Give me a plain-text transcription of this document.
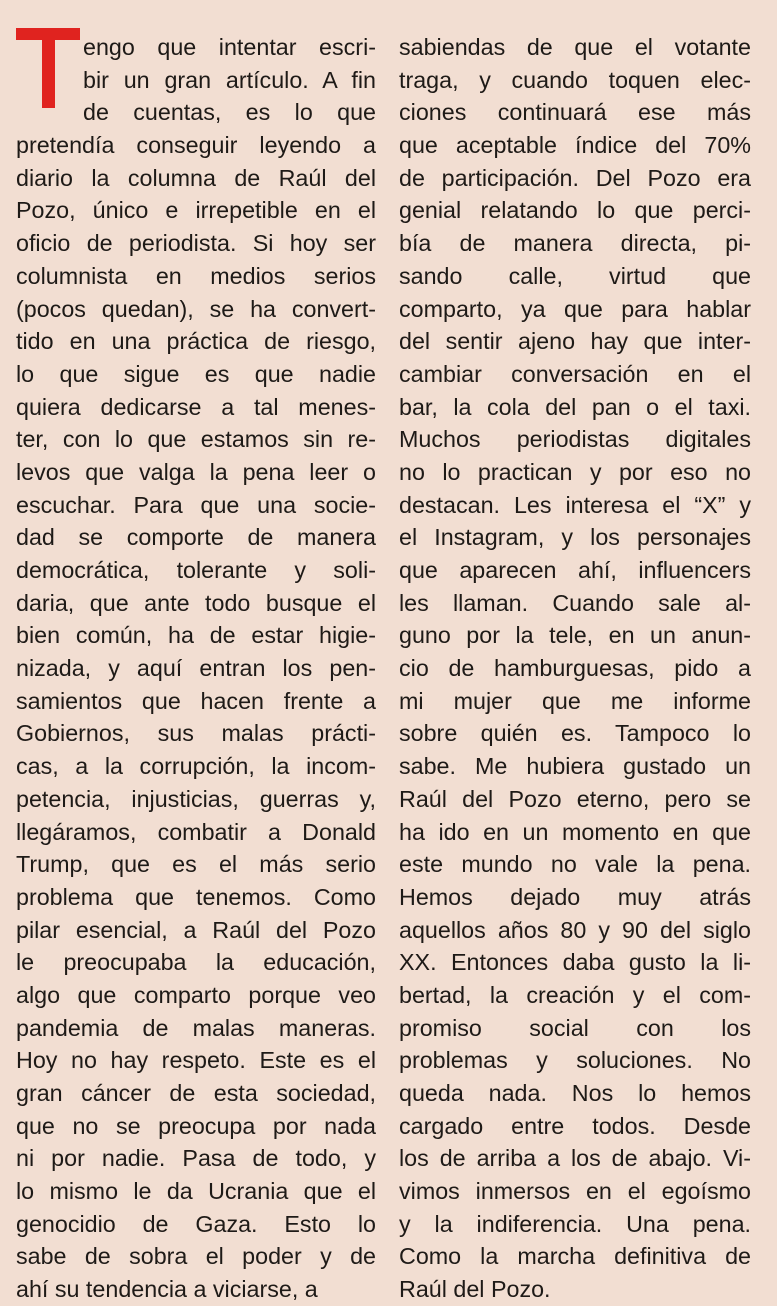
engo que intentar escri-
bir un gran artículo. A fin
de cuentas, es lo que
pretendía conseguir leyendo a
diario la columna de Raúl del
Pozo, único e irrepetible en el
oficio de periodista. Si hoy ser
columnista en medios serios
(pocos quedan), se ha convert-
tido en una práctica de riesgo,
lo que sigue es que nadie
quiera dedicarse a tal menes-
ter, con lo que estamos sin re-
levos que valga la pena leer o
escuchar. Para que una socie-
dad se comporte de manera
democrática, tolerante y soli-
daria, que ante todo busque el
bien común, ha de estar higie-
nizada, y aquí entran los pen-
samientos que hacen frente a
Gobiernos, sus malas prácti-
cas, a la corrupción, la incom-
petencia, injusticias, guerras y,
llegáramos, combatir a Donald
Trump, que es el más serio
problema que tenemos. Como
pilar esencial, a Raúl del Pozo
le preocupaba la educación,
algo que comparto porque veo
pandemia de malas maneras.
Hoy no hay respeto. Este es el
gran cáncer de esta sociedad,
que no se preocupa por nada
ni por nadie. Pasa de todo, y
lo mismo le da Ucrania que el
genocidio de Gaza. Esto lo
sabe de sobra el poder y de
ahí su tendencia a viciarse, a
sabiendas de que el votante
traga, y cuando toquen elec-
ciones continuará ese más
que aceptable índice del 70%
de participación. Del Pozo era
genial relatando lo que perci-
bía de manera directa, pi-
sando calle, virtud que
comparto, ya que para hablar
del sentir ajeno hay que inter-
cambiar conversación en el
bar, la cola del pan o el taxi.
Muchos periodistas digitales
no lo practican y por eso no
destacan. Les interesa el “X” y
el Instagram, y los personajes
que aparecen ahí, influencers
les llaman. Cuando sale al-
guno por la tele, en un anun-
cio de hamburguesas, pido a
mi mujer que me informe
sobre quién es. Tampoco lo
sabe. Me hubiera gustado un
Raúl del Pozo eterno, pero se
ha ido en un momento en que
este mundo no vale la pena.
Hemos dejado muy atrás
aquellos años 80 y 90 del siglo
XX. Entonces daba gusto la li-
bertad, la creación y el com-
promiso social con los
problemas y soluciones. No
queda nada. Nos lo hemos
cargado entre todos. Desde
los de arriba a los de abajo. Vi-
vimos inmersos en el egoísmo
y la indiferencia. Una pena.
Como la marcha definitiva de
Raúl del Pozo.
